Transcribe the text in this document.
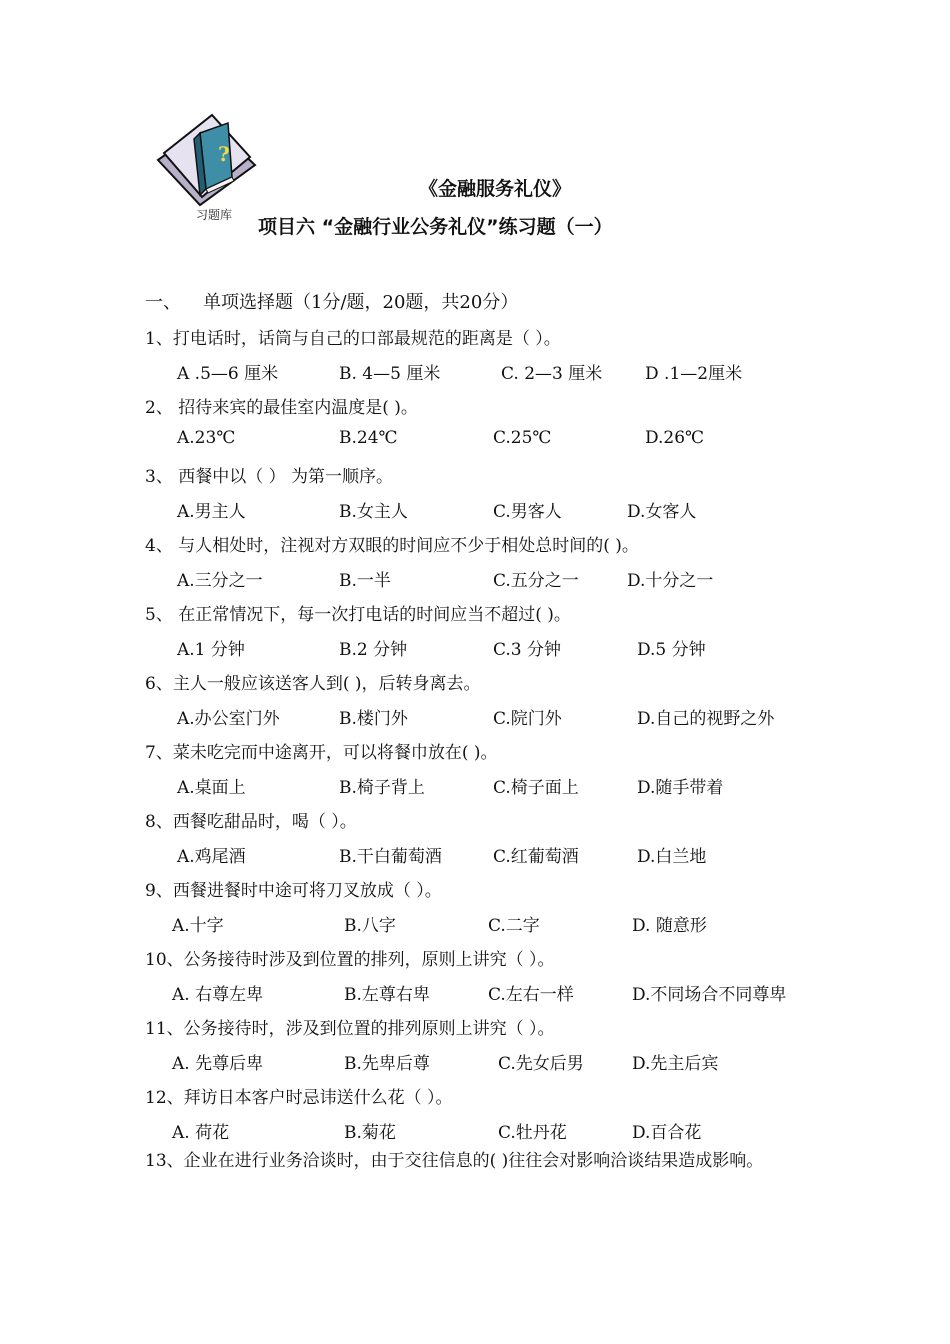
?
习题库
《金融服务礼仪》
项目六 “金融行业公务礼仪”练习题（一）
一、 单项选择题（1分/题，20题，共20分）
1、打电话时，话筒与自己的口部最规范的距离是（ ）。
A .5—6 厘米	B. 4—5 厘米	C. 2—3 厘米	D .1—2厘米
2、 招待来宾的最佳室内温度是( )。
A.23℃	B.24℃	C.25℃	D.26℃
3、 西餐中以（ ） 为第一顺序。
A.男主人	B.女主人	C.男客人	D.女客人
4、 与人相处时，注视对方双眼的时间应不少于相处总时间的( )。
A.三分之一	B.一半	C.五分之一	D.十分之一
5、 在正常情况下，每一次打电话的时间应当不超过( )。
A.1 分钟	B.2 分钟	C.3 分钟	D.5 分钟
6、主人一般应该送客人到( )，后转身离去。
A.办公室门外	B.楼门外	C.院门外	D.自己的视野之外
7、菜未吃完而中途离开，可以将餐巾放在( )。
A.桌面上	B.椅子背上	C.椅子面上	D.随手带着
8、西餐吃甜品时，喝（ ）。
A.鸡尾酒	B.干白葡萄酒	C.红葡萄酒	D.白兰地
9、西餐进餐时中途可将刀叉放成（ ）。
A.十字	B.八字	C.二字	D. 随意形
10、公务接待时涉及到位置的排列，原则上讲究（ ）。
A. 右尊左卑	B.左尊右卑	C.左右一样	D.不同场合不同尊卑
11、公务接待时，涉及到位置的排列原则上讲究（ ）。
A. 先尊后卑	B.先卑后尊	C.先女后男	D.先主后宾
12、拜访日本客户时忌讳送什么花（ ）。
A. 荷花	B.菊花	C.牡丹花	D.百合花
13、企业在进行业务洽谈时，由于交往信息的( )往往会对影响洽谈结果造成影响。
